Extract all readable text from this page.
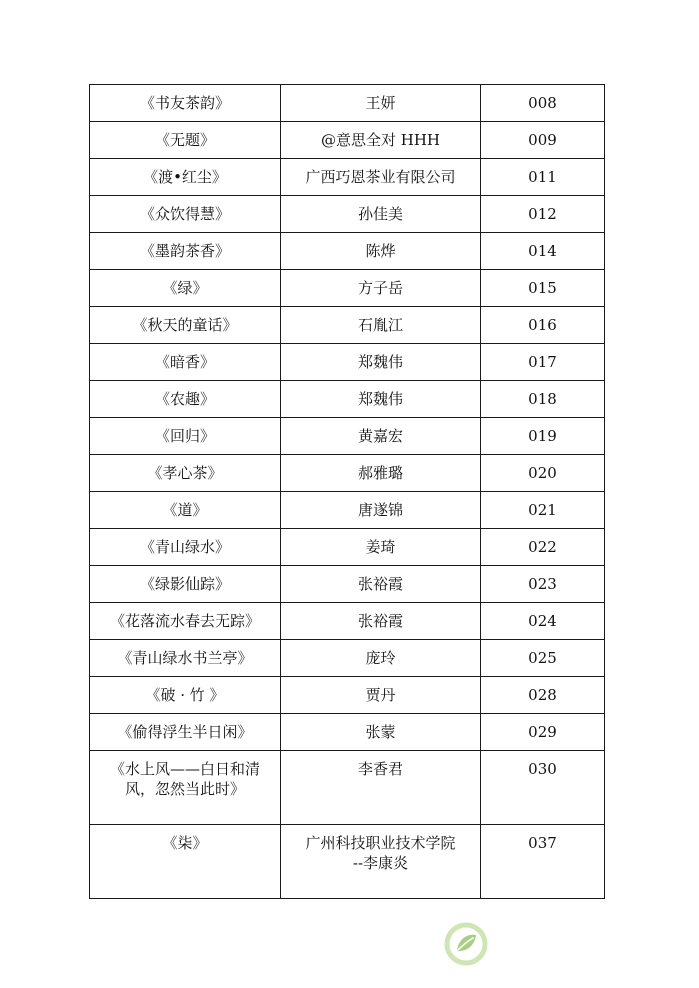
《书友茶韵》	王妍	008
《无题》	@意思全对 HHH	009
《渡•红尘》	广西巧恩茶业有限公司	011
《众饮得慧》	孙佳美	012
《墨韵茶香》	陈烨	014
《绿》	方子岳	015
《秋天的童话》	石胤江	016
《暗香》	郑魏伟	017
《农趣》	郑魏伟	018
《回归》	黄嘉宏	019
《孝心茶》	郝雅璐	020
《道》	唐遂锦	021
《青山绿水》	姜琦	022
《绿影仙踪》	张裕霞	023
《花落流水春去无踪》	张裕霞	024
《青山绿水书兰亭》	庞玲	025
《破 · 竹 》	贾丹	028
《偷得浮生半日闲》	张蒙	029

《水上风——白日和清
风，忽然当此时》	李香君	030
《柒》	广州科技职业技术学院
--李康炎	037
